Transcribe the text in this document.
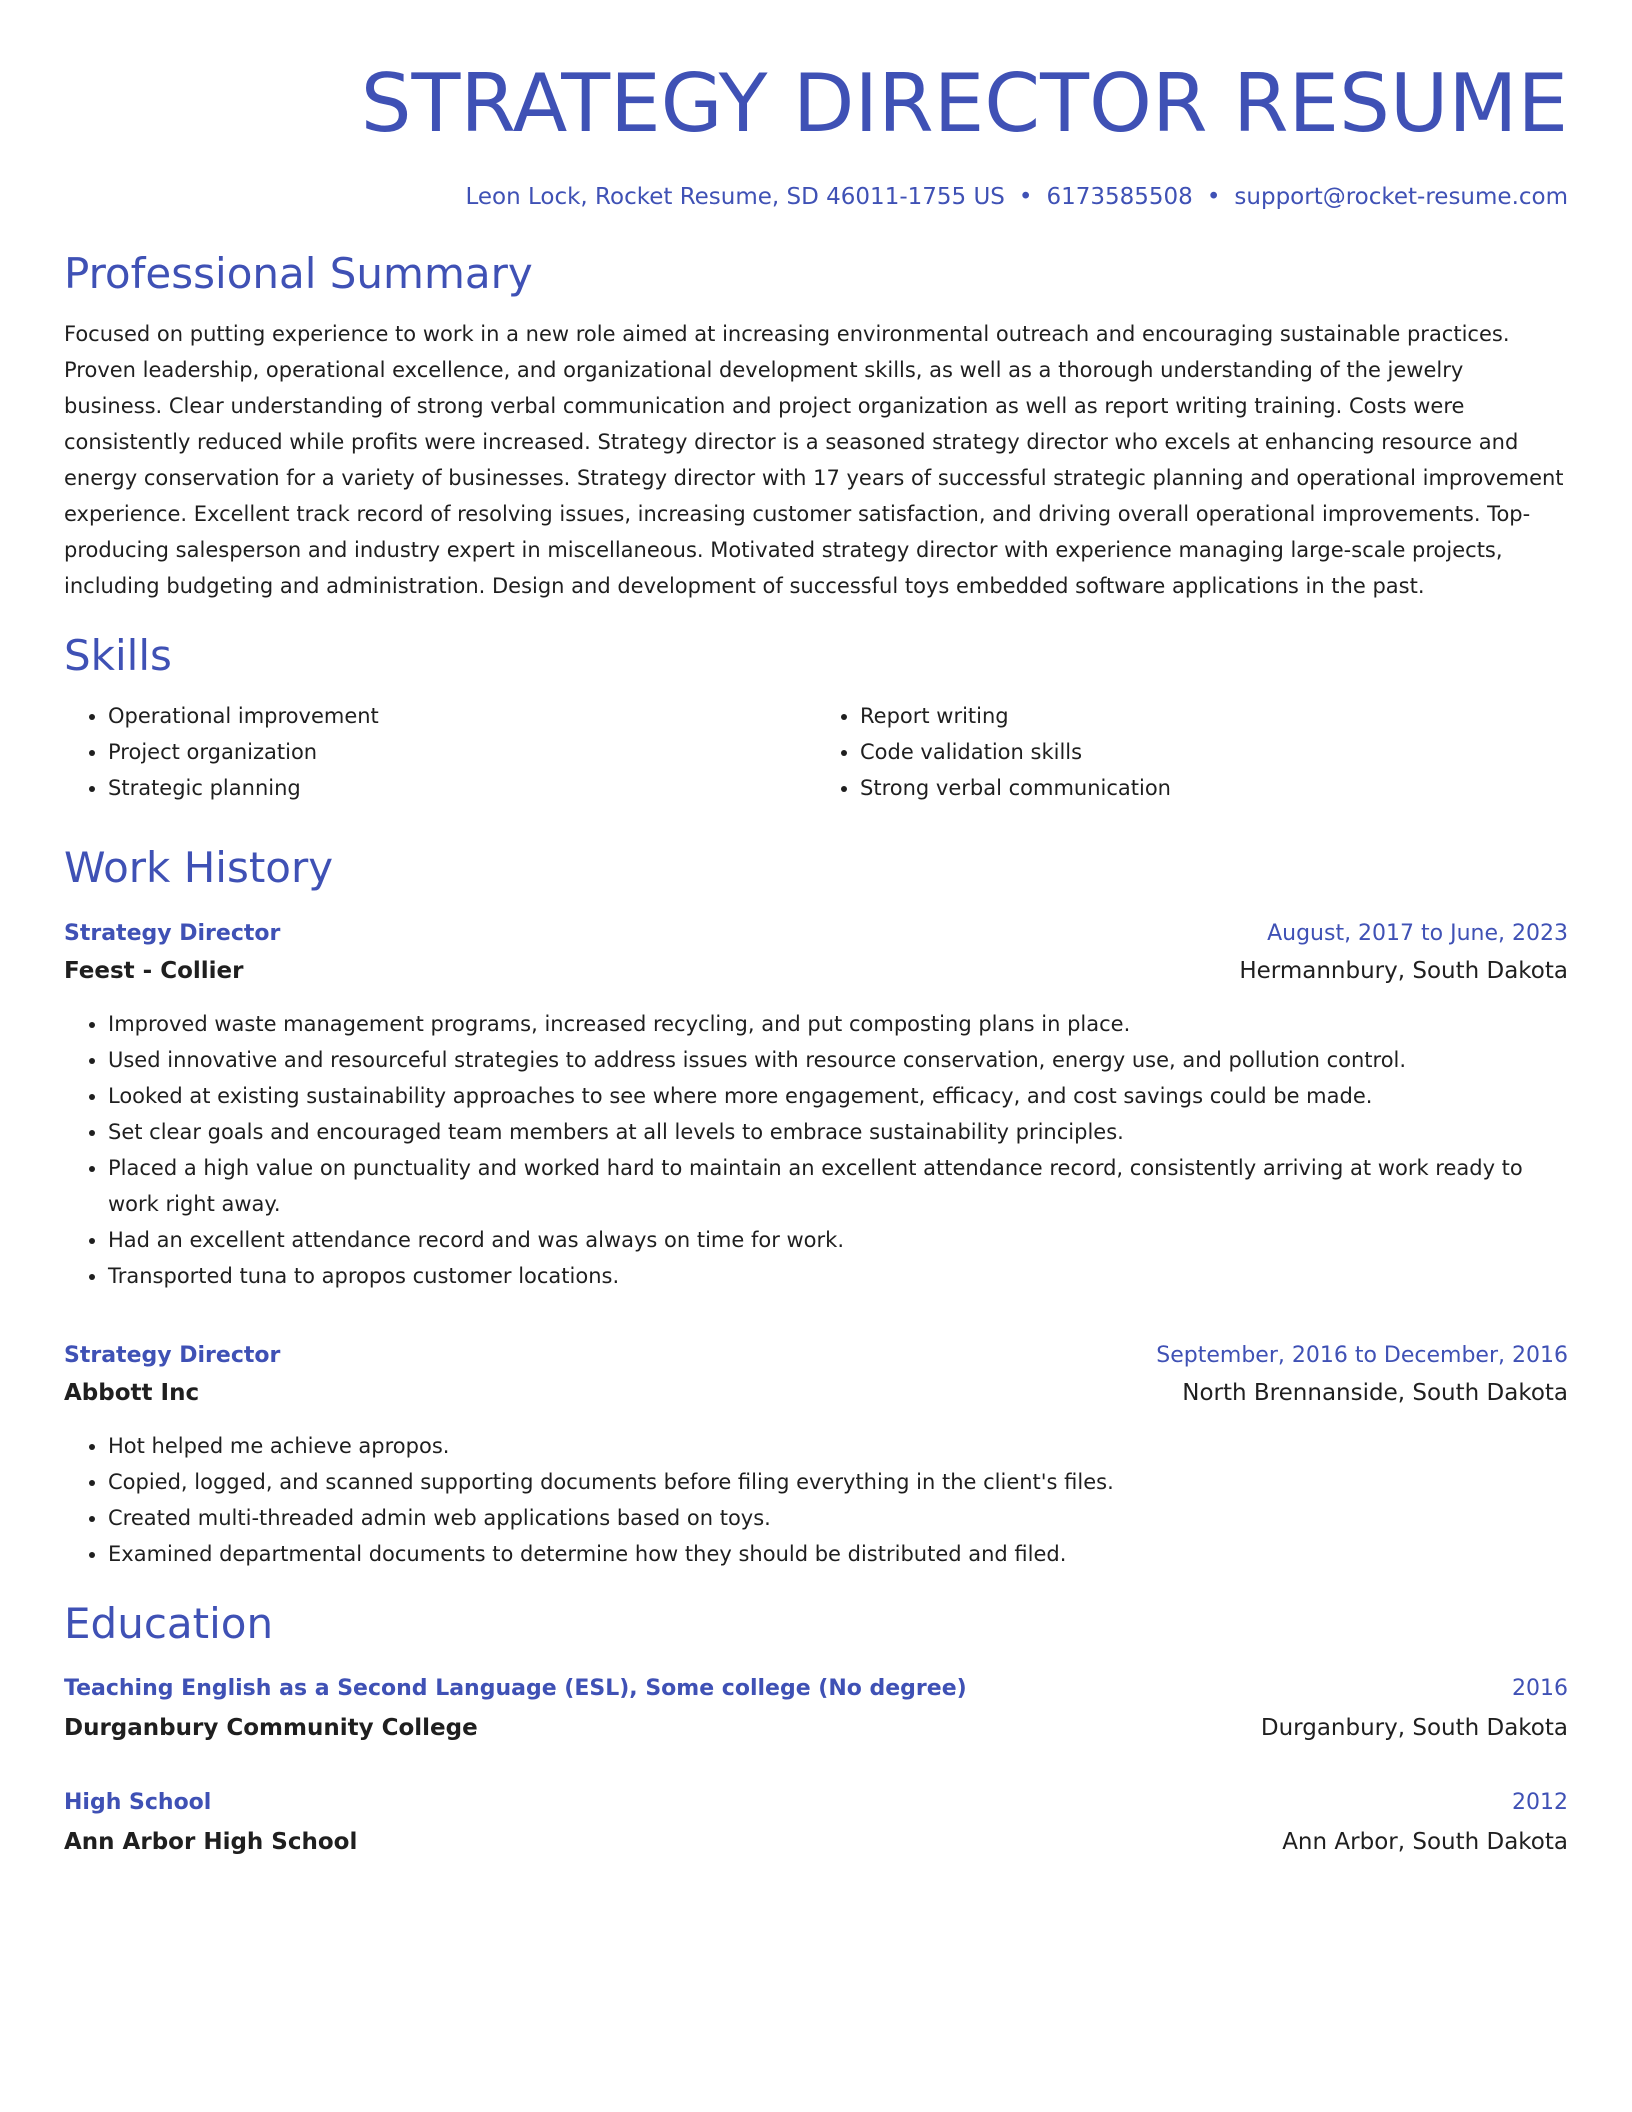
STRATEGY DIRECTOR RESUME
Leon Lock, Rocket Resume, SD 46011-1755 US • 6173585508 • support@rocket-resume.com
Professional Summary

Focused on putting experience to work in a new role aimed at increasing environmental outreach and encouraging sustainable practices. Proven leadership, operational excellence, and organizational development skills, as well as a thorough understanding of the jewelry business. Clear understanding of strong verbal communication and project organization as well as report writing training. Costs were consistently reduced while profits were increased. Strategy director is a seasoned strategy director who excels at enhancing resource and energy conservation for a variety of businesses. Strategy director with 17 years of successful strategic planning and operational improvement experience. Excellent track record of resolving issues, increasing customer satisfaction, and driving overall operational improvements. Top-producing salesperson and industry expert in miscellaneous. Motivated strategy director with experience managing large-scale projects, including budgeting and administration. Design and development of successful toys embedded software applications in the past.

Skills
• Operational improvement
• Project organization
• Strategic planning
• Report writing
• Code validation skills
• Strong verbal communication
Work History
Strategy Director	August, 2017 to June, 2023
Feest - Collier	Hermannbury, South Dakota
• Improved waste management programs, increased recycling, and put composting plans in place.
• Used innovative and resourceful strategies to address issues with resource conservation, energy use, and pollution control.
• Looked at existing sustainability approaches to see where more engagement, efficacy, and cost savings could be made.
• Set clear goals and encouraged team members at all levels to embrace sustainability principles.
• Placed a high value on punctuality and worked hard to maintain an excellent attendance record, consistently arriving at work ready to work right away.
• Had an excellent attendance record and was always on time for work.
• Transported tuna to apropos customer locations.
Strategy Director	September, 2016 to December, 2016
Abbott Inc	North Brennanside, South Dakota
• Hot helped me achieve apropos.
• Copied, logged, and scanned supporting documents before filing everything in the client's files.
• Created multi-threaded admin web applications based on toys.
• Examined departmental documents to determine how they should be distributed and filed.
Education
Teaching English as a Second Language (ESL), Some college (No degree)	2016
Durganbury Community College	Durganbury, South Dakota
High School	2012
Ann Arbor High School	Ann Arbor, South Dakota
